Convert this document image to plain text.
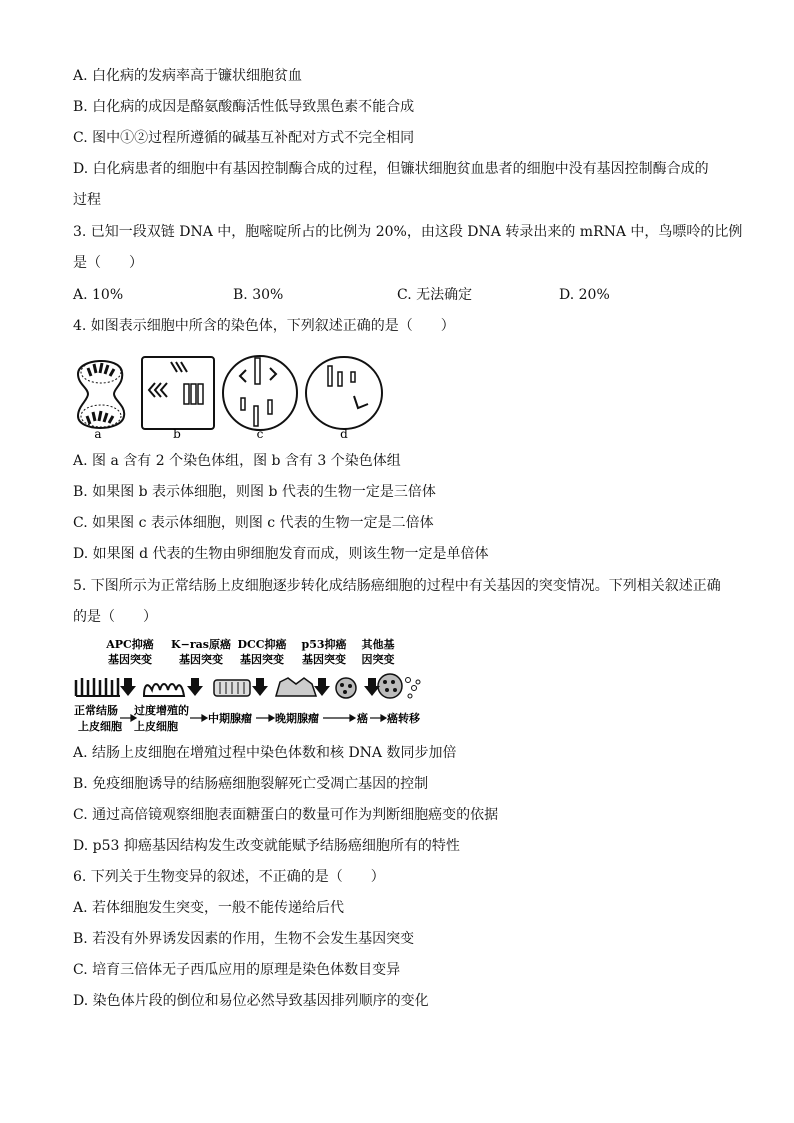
A. 白化病的发病率高于镰状细胞贫血
B. 白化病的成因是酪氨酸酶活性低导致黑色素不能合成
C. 图中①②过程所遵循的碱基互补配对方式不完全相同
D. 白化病患者的细胞中有基因控制酶合成的过程，但镰状细胞贫血患者的细胞中没有基因控制酶合成的
过程
3. 已知一段双链 DNA 中，胞嘧啶所占的比例为 20%，由这段 DNA 转录出来的 mRNA 中，鸟嘌呤的比例
是（　　）
A. 10%	B. 30%	C. 无法确定	D. 20%
4. 如图表示细胞中所含的染色体，下列叙述正确的是（　　）
a	b	c	d
A. 图 a 含有 2 个染色体组，图 b 含有 3 个染色体组
B. 如果图 b 表示体细胞，则图 b 代表的生物一定是三倍体
C. 如果图 c 表示体细胞，则图 c 代表的生物一定是二倍体
D. 如果图 d 代表的生物由卵细胞发育而成，则该生物一定是单倍体
5. 下图所示为正常结肠上皮细胞逐步转化成结肠癌细胞的过程中有关基因的突变情况。下列相关叙述正确
的是（　　）
APC抑癌
基因突变
K−ras原癌
基因突变
DCC抑癌
基因突变
p53抑癌
基因突变
其他基
因突变
正常结肠
上皮细胞
过度增殖的
上皮细胞
中期腺瘤 晚期腺瘤	癌 癌转移
A. 结肠上皮细胞在增殖过程中染色体数和核 DNA 数同步加倍
B. 免疫细胞诱导的结肠癌细胞裂解死亡受凋亡基因的控制
C. 通过高倍镜观察细胞表面糖蛋白的数量可作为判断细胞癌变的依据
D. p53 抑癌基因结构发生改变就能赋予结肠癌细胞所有的特性
6. 下列关于生物变异的叙述，不正确的是（　　）
A. 若体细胞发生突变，一般不能传递给后代
B. 若没有外界诱发因素的作用，生物不会发生基因突变
C. 培育三倍体无子西瓜应用的原理是染色体数目变异
D. 染色体片段的倒位和易位必然导致基因排列顺序的变化
